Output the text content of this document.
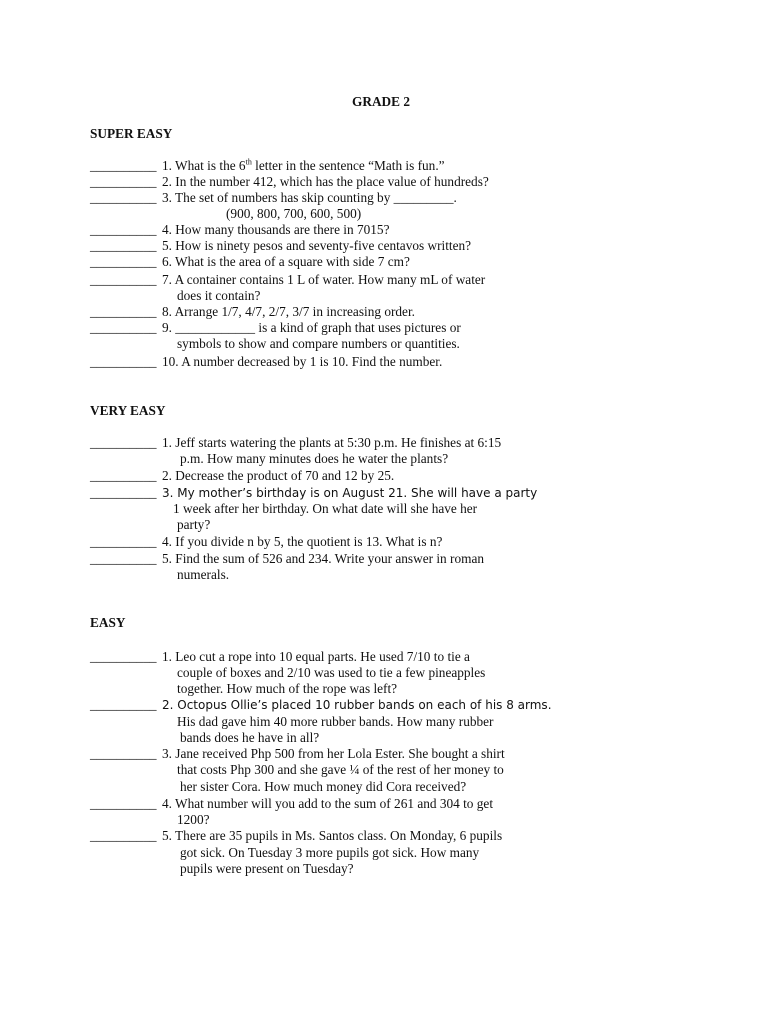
GRADE 2
SUPER EASY
__________ 1. What is the 6th letter in the sentence “Math is fun.”
__________ 2. In the number 412, which has the place value of hundreds?
__________ 3. The set of numbers has skip counting by _________.
(900, 800, 700, 600, 500)
__________ 4. How many thousands are there in 7015?
__________ 5. How is ninety pesos and seventy-five centavos written?
__________ 6. What is the area of a square with side 7 cm?
__________ 7. A container contains 1 L of water. How many mL of water
does it contain?
__________ 8. Arrange 1/7, 4/7, 2/7, 3/7 in increasing order.
__________ 9. ____________ is a kind of graph that uses pictures or
symbols to show and compare numbers or quantities.
__________ 10. A number decreased by 1 is 10. Find the number.
VERY EASY
__________ 1. Jeff starts watering the plants at 5:30 p.m. He finishes at 6:15
p.m. How many minutes does he water the plants?
__________ 2. Decrease the product of 70 and 12 by 25.
__________ 3. My mother’s birthday is on August 21. She will have a party
1 week after her birthday. On what date will she have her
party?
__________ 4. If you divide n by 5, the quotient is 13. What is n?
__________ 5. Find the sum of 526 and 234. Write your answer in roman
numerals.
EASY
__________ 1. Leo cut a rope into 10 equal parts. He used 7/10 to tie a
couple of boxes and 2/10 was used to tie a few pineapples
together. How much of the rope was left?
__________ 2. Octopus Ollie’s placed 10 rubber bands on each of his 8 arms.
His dad gave him 40 more rubber bands. How many rubber
bands does he have in all?
__________ 3. Jane received Php 500 from her Lola Ester. She bought a shirt
that costs Php 300 and she gave ¼ of the rest of her money to
her sister Cora. How much money did Cora received?
__________ 4. What number will you add to the sum of 261 and 304 to get
1200?
__________ 5. There are 35 pupils in Ms. Santos class. On Monday, 6 pupils
got sick. On Tuesday 3 more pupils got sick. How many
pupils were present on Tuesday?
